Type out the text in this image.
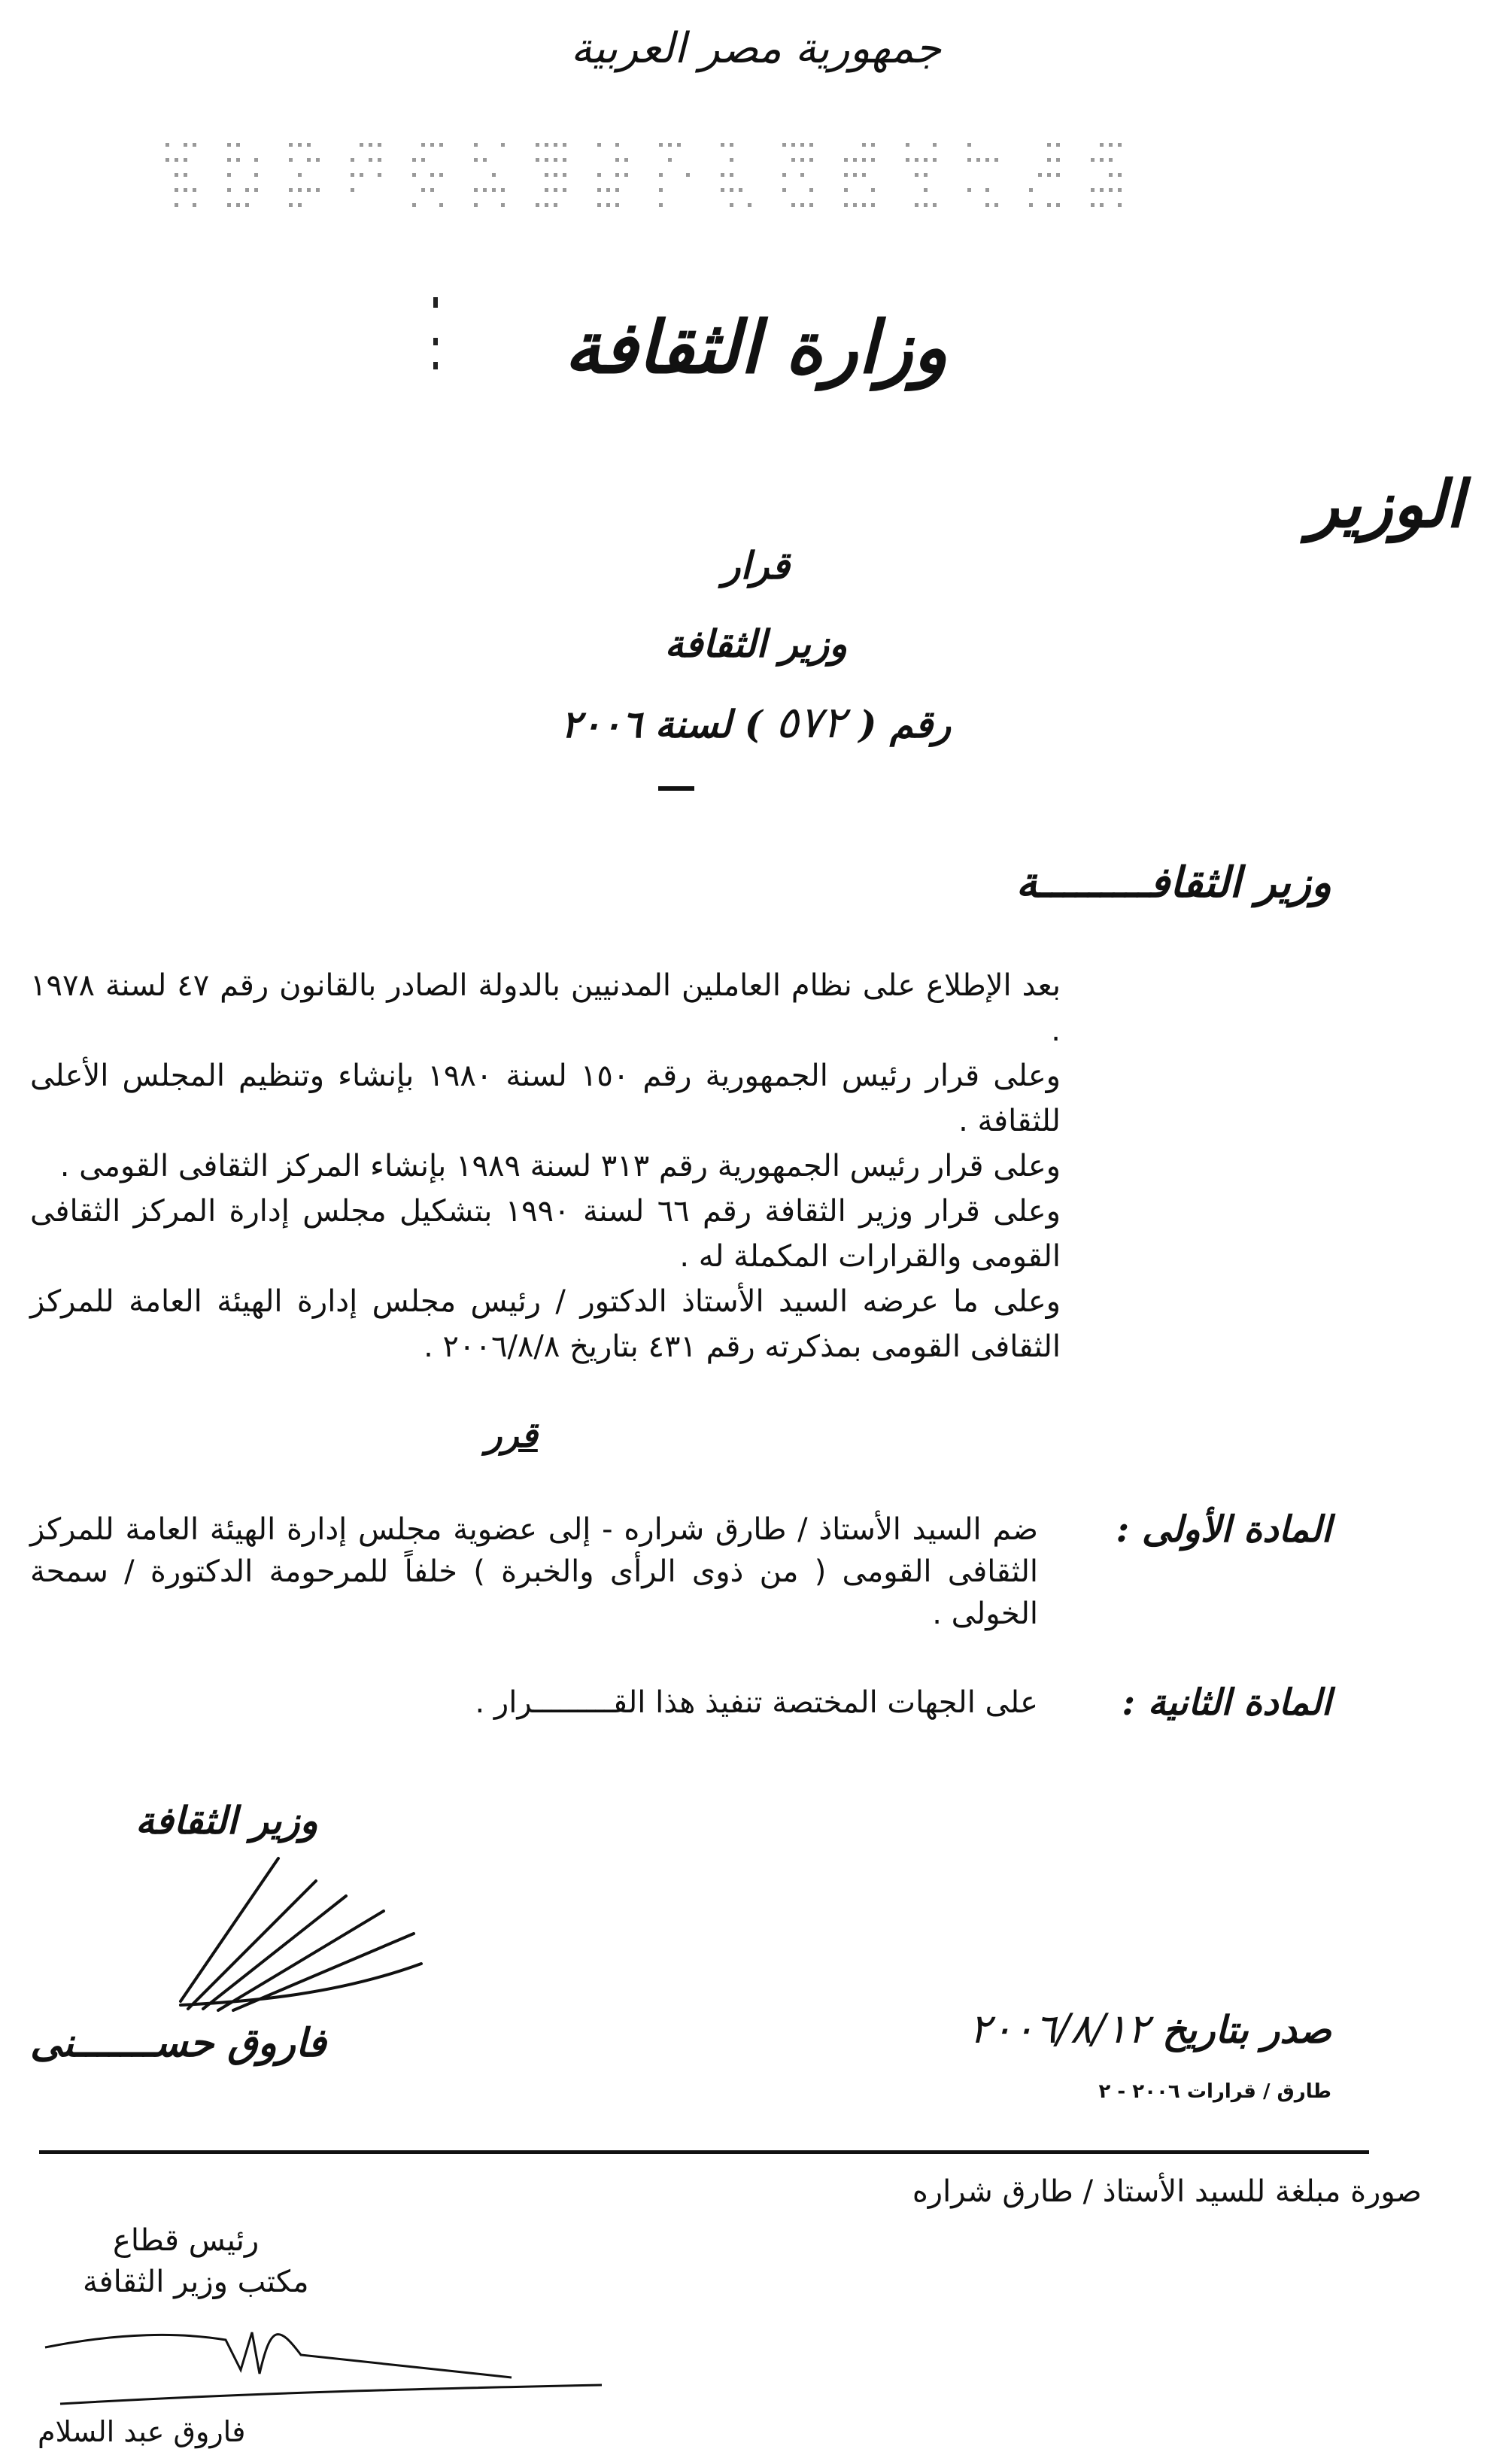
جمهورية مصر العربية
وزارة الثقافة
الوزير
قرار
وزير الثقافة
رقم ( ٥٧٢ ) لسنة ٢٠٠٦
وزير الثقافـــــــــة

بعد الإطلاع على نظام العاملين المدنيين بالدولة الصادر بالقانون رقم ٤٧ لسنة ١٩٧٨ .

وعلى قرار رئيس الجمهورية رقم ١٥٠ لسنة ١٩٨٠ بإنشاء وتنظيم المجلس الأعلى للثقافة .

وعلى قرار رئيس الجمهورية رقم ٣١٣ لسنة ١٩٨٩ بإنشاء المركز الثقافى القومى .

وعلى قرار وزير الثقافة رقم ٦٦ لسنة ١٩٩٠ بتشكيل مجلس إدارة المركز الثقافى القومى والقرارات المكملة له .

وعلى ما عرضه السيد الأستاذ الدكتور / رئيس مجلس إدارة الهيئة العامة للمركز الثقافى القومى بمذكرته رقم ٤٣١ بتاريخ ٢٠٠٦/٨/٨ .

قرر
المادة الأولى :
ضم السيد الأستاذ / طارق شراره - إلى عضوية مجلس إدارة الهيئة العامة للمركز الثقافى القومى ( من ذوى الرأى والخبرة ) خلفاً للمرحومة الدكتورة / سمحة الخولى .
المادة الثانية :
على الجهات المختصة تنفيذ هذا القـــــــــرار .
وزير الثقافة
فاروق حســـــــنى	صدر بتاريخ ٢٠٠٦/٨/١٢
طارق / قرارات ٢٠٠٦ - ٢
صورة مبلغة للسيد الأستاذ / طارق شراره
رئيس قطاع
مكتب وزير الثقافة
فاروق عبد السلام
